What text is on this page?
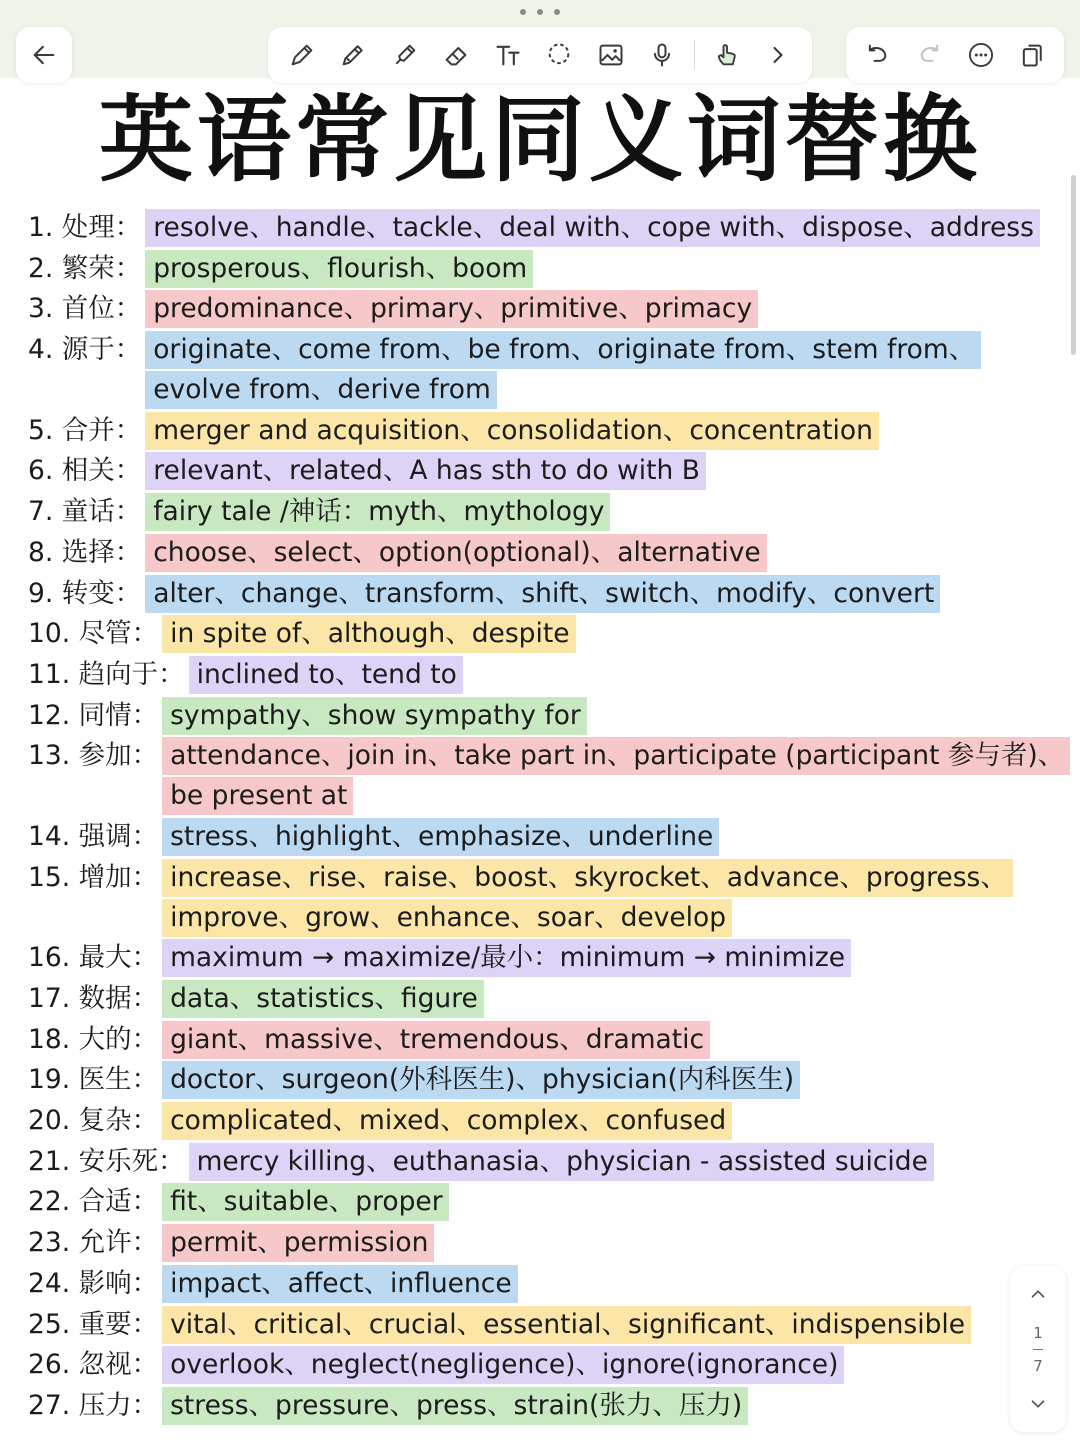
英语常见同义词替换
1. 处理： resolve、handle、tackle、deal with、cope with、dispose、address
2. 繁荣： prosperous、flourish、boom
3. 首位： predominance、primary、primitive、primacy
4. 源于： originate、come from、be from、originate from、stem from、
evolve from、derive from
5. 合并： merger and acquisition、consolidation、concentration
6. 相关： relevant、related、A has sth to do with B
7. 童话： fairy tale /神话：myth、mythology
8. 选择： choose、select、option(optional)、alternative
9. 转变： alter、change、transform、shift、switch、modify、convert
10. 尽管： in spite of、although、despite
11. 趋向于： inclined to、tend to
12. 同情： sympathy、show sympathy for
13. 参加： attendance、join in、take part in、participate (participant 参与者)、
be present at
14. 强调： stress、highlight、emphasize、underline
15. 增加： increase、rise、raise、boost、skyrocket、advance、progress、
improve、grow、enhance、soar、develop
16. 最大： maximum → maximize/最小：minimum → minimize
17. 数据： data、statistics、figure
18. 大的： giant、massive、tremendous、dramatic
19. 医生： doctor、surgeon(外科医生)、physician(内科医生)
20. 复杂： complicated、mixed、complex、confused
21. 安乐死： mercy killing、euthanasia、physician - assisted suicide
22. 合适： fit、suitable、proper
23. 允许： permit、permission
24. 影响： impact、affect、influence
25. 重要： vital、critical、crucial、essential、significant、indispensible
26. 忽视： overlook、neglect(negligence)、ignore(ignorance)
27. 压力： stress、pressure、press、strain(张力、压力)
1
7
